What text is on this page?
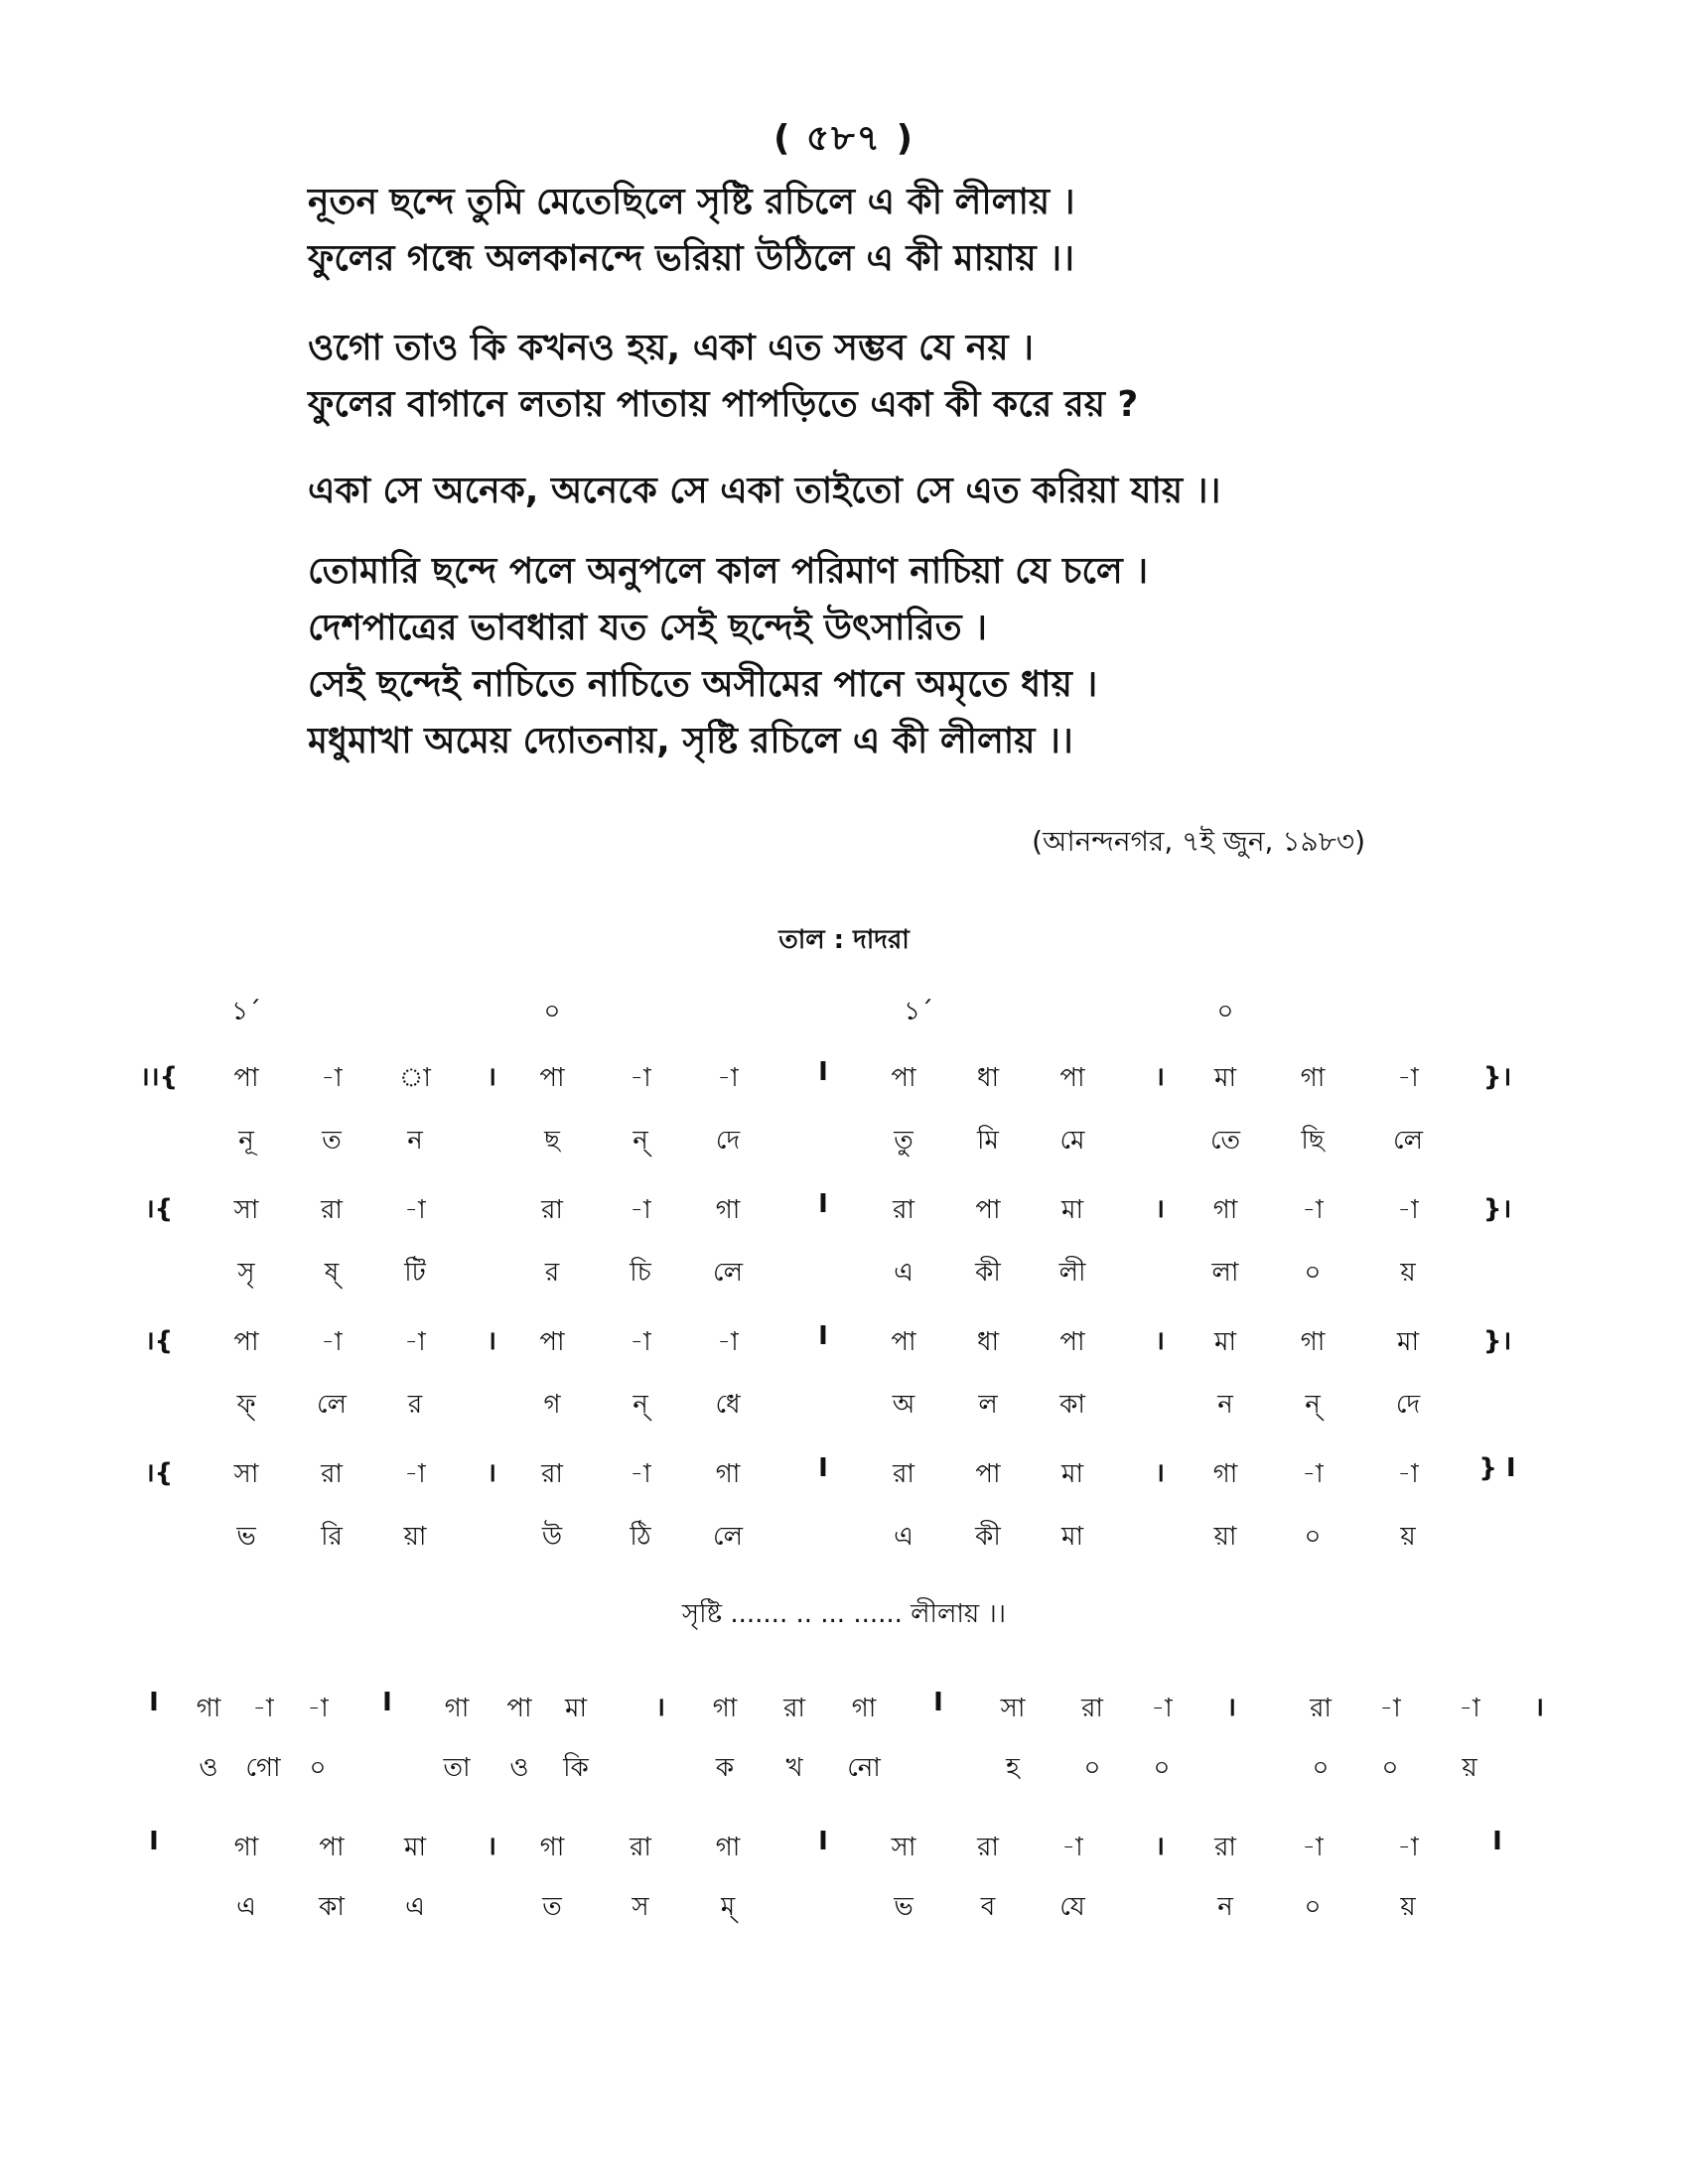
( ৫৮৭ )
নূতন ছন্দে তুমি মেতেছিলে সৃষ্টি রচিলে এ কী লীলায় ।
ফুলের গন্ধে অলকানন্দে ভরিয়া উঠিলে এ কী মায়ায় ।।
ওগো তাও কি কখনও হয়, একা এত সম্ভব যে নয় ।
ফুলের বাগানে লতায় পাতায় পাপড়িতে একা কী করে রয় ?
একা সে অনেক, অনেকে সে একা তাইতো সে এত করিয়া যায় ।।
তোমারি ছন্দে পলে অনুপলে কাল পরিমাণ নাচিয়া যে চলে ।
দেশপাত্রের ভাবধারা যত সেই ছন্দেই উৎসারিত ।
সেই ছন্দেই নাচিতে নাচিতে অসীমের পানে অমৃতে ধায় ।
মধুমাখা অমেয় দ্যোতনায়, সৃষ্টি রচিলে এ কী লীলায় ।।
(আনন্দনগর, ৭ই জুন, ১৯৮৩)
তাল : দাদরা
১´	০	১´	০
।।{ পা -া া । পা	-া	-া	I পা ধা পা	। মা গা	-া	}।
নূ	ত	ন	ছ	ন্	দে	তু মি মে	তে ছি	লে
।{ সা রা -া	রা	-া	গা	I	রা পা মা	। গা	-া	-া	}।
সৃ	ষ্	টি	র	চি লে	এ কী লী	লা	০	য়
।{ পা -া -া । পা	-া	-া	I পা ধা পা	। মা গা	মা }।
ফ্ লে র	গ	ন্	ধে	অ ল কা	ন	ন্	দে
।{ সা রা -া । রা	-া	গা	I	রা পা মা	। গা	-া	-া } I
ভ	রি য়া	উ	ঠি লে	এ কী মা	য়া	০	য়
সৃষ্টি ....... .. ... ...... লীলায় ।।
I গা -া -া I গা পা মা	। গা রা গা I সা রা -া ।	রা -া -া ।
ও গো ০	তা ও কি	ক খ নো	হ ০ ০	০ ০ য়
I	গা পা মা । গা	রা গা	I সা রা -া	। রা	-া	-া	I
এ কা এ	ত	স	ম্	ভ	ব যে	ন	০	য়
